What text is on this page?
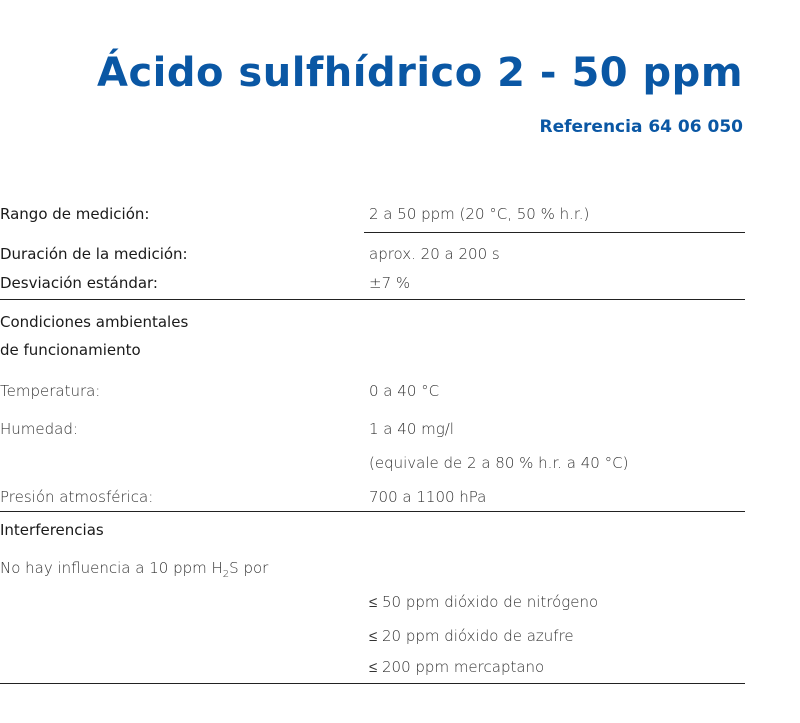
Ácido sulfhídrico 2 - 50 ppm
Referencia 64 06 050
Rango de medición:	2 a 50 ppm (20 °C, 50 % h.r.)
Duración de la medición:	aprox. 20 a 200 s
Desviación estándar:	±7 %
Condiciones ambientales
de funcionamiento
Temperatura:	0 a 40 °C
Humedad:	1 a 40 mg/l
(equivale de 2 a 80 % h.r. a 40 °C)
Presión atmosférica:	700 a 1100 hPa
Interferencias
No hay influencia a 10 ppm $H_2S$ por
≤ 50 ppm dióxido de nitrógeno
≤ 20 ppm dióxido de azufre
≤ 200 ppm mercaptano
